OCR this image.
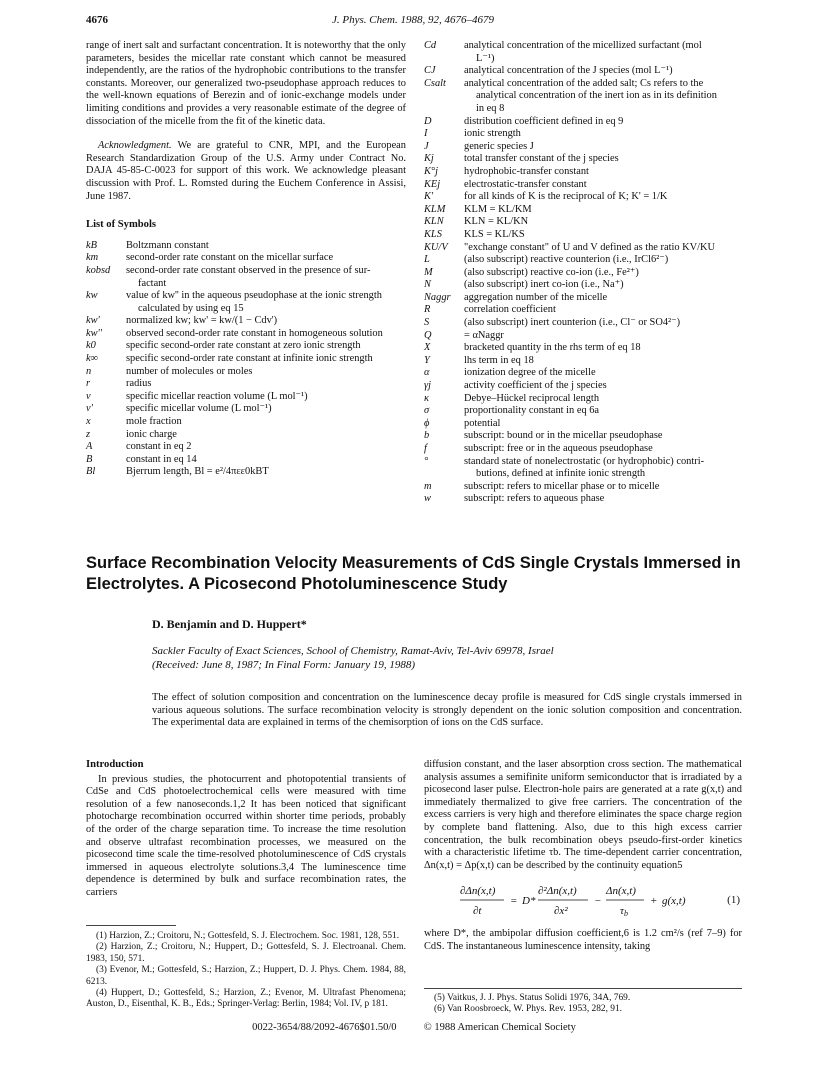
4676	J. Phys. Chem. 1988, 92, 4676–4679

range of inert salt and surfactant concentration. It is noteworthy that the only parameters, besides the micellar rate constant which cannot be measured independently, are the ratios of the hydrophobic contributions to the transfer constants. Moreover, our generalized two-pseudophase approach reduces to the well-known equations of Berezin and of ionic-exchange models under limiting conditions and provides a very reasonable estimate of the degree of dissociation of the micelle from the fit of the kinetic data.

Acknowledgment. We are grateful to CNR, MPI, and the European Research Standardization Group of the U.S. Army under Contract No. DAJA 45-85-C-0023 for support of this work. We acknowledge pleasant discussion with Prof. L. Romsted during the Euchem Conference in Assisi, June 1987.

List of Symbols
kB	Boltzmann constant
km	second-order rate constant on the micellar surface
kobsd	second-order rate constant observed in the presence of sur-
factant
kw	value of kw'' in the aqueous pseudophase at the ionic strength
calculated by using eq 15
kw'	normalized kw; kw' = kw/(1 − Cdv')
kw''	observed second-order rate constant in homogeneous solution
k0	specific second-order rate constant at zero ionic strength
k∞	specific second-order rate constant at infinite ionic strength
n	number of molecules or moles
r	radius
v	specific micellar reaction volume (L mol⁻¹)
v'	specific micellar volume (L mol⁻¹)
x	mole fraction
z	ionic charge
A	constant in eq 2
B	constant in eq 14
Bl	Bjerrum length, Bl = e²/4πεε0kBT
Cd	analytical concentration of the micellized surfactant (mol
L⁻¹)
CJ	analytical concentration of the J species (mol L⁻¹)
Csalt	analytical concentration of the added salt; Cs refers to the
analytical concentration of the inert ion as in its definition
in eq 8
D	distribution coefficient defined in eq 9
I	ionic strength
J	generic species J
Kj	total transfer constant of the j species
K°j	hydrophobic-transfer constant
KEj	electrostatic-transfer constant
K'	for all kinds of K is the reciprocal of K; K' = 1/K
KLM	KLM = KL/KM
KLN	KLN = KL/KN
KLS	KLS = KL/KS
KU/V	"exchange constant" of U and V defined as the ratio KV/KU
L	(also subscript) reactive counterion (i.e., IrCl6²⁻)
M	(also subscript) reactive co-ion (i.e., Fe²⁺)
N	(also subscript) inert co-ion (i.e., Na⁺)
Naggr	aggregation number of the micelle
R	correlation coefficient
S	(also subscript) inert counterion (i.e., Cl⁻ or SO4²⁻)
Q	= αNaggr
X	bracketed quantity in the rhs term of eq 18
Y	lhs term in eq 18
α	ionization degree of the micelle
γj	activity coefficient of the j species
κ	Debye–Hückel reciprocal length
σ	proportionality constant in eq 6a
ϕ	potential
b	subscript: bound or in the micellar pseudophase
f	subscript: free or in the aqueous pseudophase
°	standard state of nonelectrostatic (or hydrophobic) contri-
butions, defined at infinite ionic strength
m	subscript: refers to micellar phase or to micelle
w	subscript: refers to aqueous phase
Surface Recombination Velocity Measurements of CdS Single Crystals Immersed in
Electrolytes. A Picosecond Photoluminescence Study
D. Benjamin and D. Huppert*
Sackler Faculty of Exact Sciences, School of Chemistry, Ramat-Aviv, Tel-Aviv 69978, Israel
(Received: June 8, 1987; In Final Form: January 19, 1988)
The effect of solution composition and concentration on the luminescence decay profile is measured for CdS single crystals immersed in various aqueous solutions. The surface recombination velocity is strongly dependent on the ionic solution composition and concentration. The experimental data are explained in terms of the chemisorption of ions on the CdS surface.
Introduction

In previous studies, the photocurrent and photopotential transients of CdSe and CdS photoelectrochemical cells were measured with time resolution of a few nanoseconds.1,2 It has been noticed that significant photocharge recombination occurred within shorter time periods, probably of the order of the charge separation time. To increase the time resolution and observe ultrafast recombination processes, we measured on the picosecond time scale the time-resolved photoluminescence of CdS crystals immersed in aqueous electrolyte solutions.3,4 The luminescence time dependence is determined by bulk and surface recombination rates, the carriers

(1) Harzion, Z.; Croitoru, N.; Gottesfeld, S. J. Electrochem. Soc. 1981, 128, 551.

(2) Harzion, Z.; Croitoru, N.; Huppert, D.; Gottesfeld, S. J. Electroanal. Chem. 1983, 150, 571.

(3) Evenor, M.; Gottesfeld, S.; Harzion, Z.; Huppert, D. J. Phys. Chem. 1984, 88, 6213.

(4) Huppert, D.; Gottesfeld, S.; Harzion, Z.; Evenor, M. Ultrafast Phenomena; Auston, D., Eisenthal, K. B., Eds.; Springer-Verlag: Berlin, 1984; Vol. IV, p 181.

diffusion constant, and the laser absorption cross section. The mathematical analysis assumes a semifinite uniform semiconductor that is irradiated by a picosecond laser pulse. Electron-hole pairs are generated at a rate g(x,t) and immediately thermalized to give free carriers. The concentration of the excess carriers is very high and therefore eliminates the space charge region by complete band flattening. Also, due to this high excess carrier concentration, the bulk recombination obeys pseudo-first-order kinetics with a characteristic lifetime τb. The time-dependent carrier concentration, Δn(x,t) = Δp(x,t) can be described by the continuity equation5

∂Δn(x,t)
∂t
= D*
∂²Δn(x,t)
∂x²
−
Δn(x,t)
τb
+ g(x,t)	(1)
where D*, the ambipolar diffusion coefficient,6 is 1.2 cm²/s (ref 7–9) for CdS. The instantaneous luminescence intensity, taking

(5) Vaitkus, J. J. Phys. Status Solidi 1976, 34A, 769.

(6) Van Roosbroeck, W. Phys. Rev. 1953, 282, 91.

0022-3654/88/2092-4676$01.50/0	© 1988 American Chemical Society
